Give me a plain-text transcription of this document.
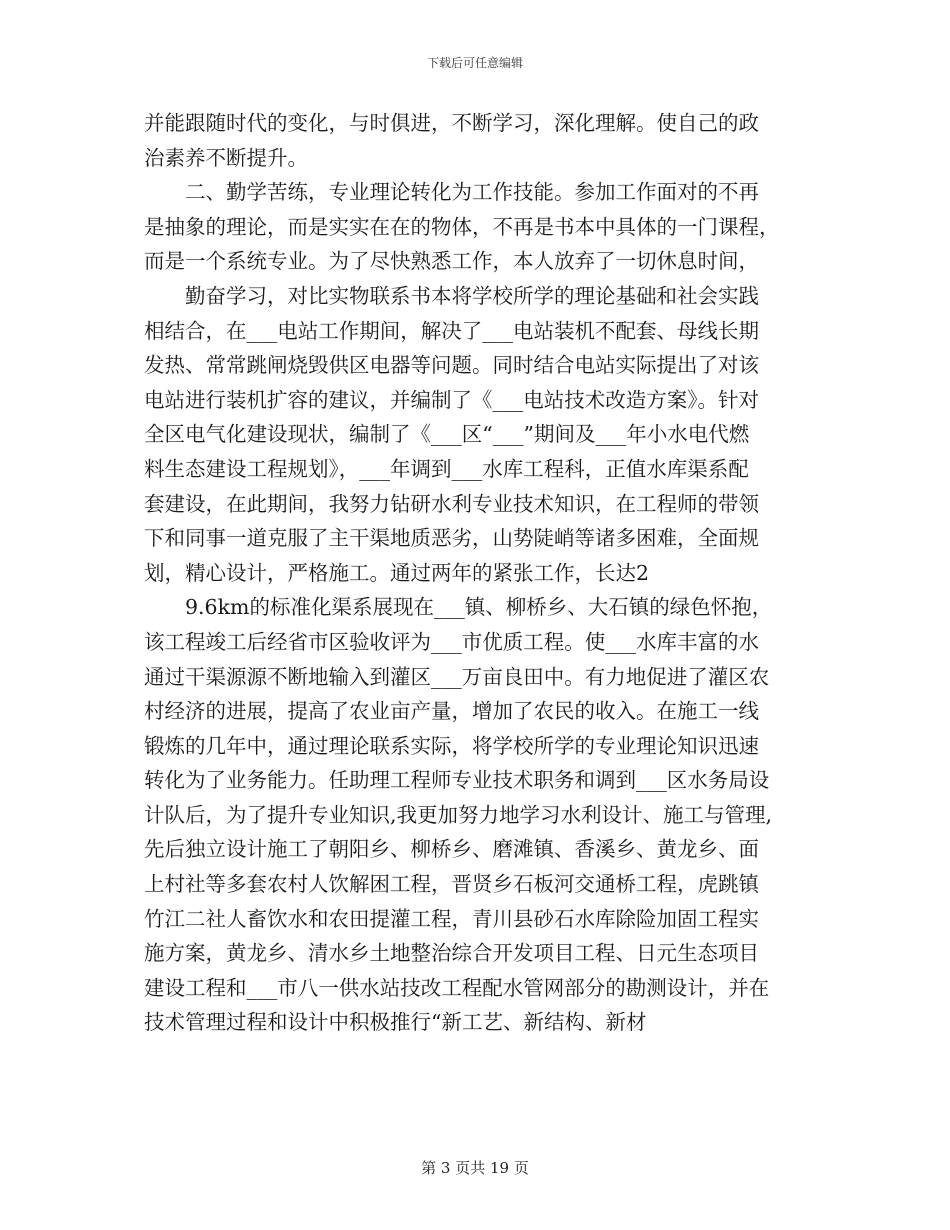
下载后可任意编辑
并能跟随时代的变化，与时俱进，不断学习，深化理解。使自己的政
治素养不断提升。
二、勤学苦练，专业理论转化为工作技能。参加工作面对的不再
是抽象的理论，而是实实在在的物体，不再是书本中具体的一门课程，
而是一个系统专业。为了尽快熟悉工作，本人放弃了一切休息时间，
勤奋学习，对比实物联系书本将学校所学的理论基础和社会实践
相结合，在___电站工作期间，解决了___电站装机不配套、母线长期
发热、常常跳闸烧毁供区电器等问题。同时结合电站实际提出了对该
电站进行装机扩容的建议，并编制了《___电站技术改造方案》。针对
全区电气化建设现状，编制了《___区“___”期间及___年小水电代燃
料生态建设工程规划》，___年调到___水库工程科，正值水库渠系配
套建设，在此期间，我努力钻研水利专业技术知识，在工程师的带领
下和同事一道克服了主干渠地质恶劣，山势陡峭等诸多困难，全面规
划，精心设计，严格施工。通过两年的紧张工作，长达2
9.6km的标准化渠系展现在___镇、柳桥乡、大石镇的绿色怀抱，
该工程竣工后经省市区验收评为___市优质工程。使___水库丰富的水
通过干渠源源不断地输入到灌区___万亩良田中。有力地促进了灌区农
村经济的进展，提高了农业亩产量，增加了农民的收入。在施工一线
锻炼的几年中，通过理论联系实际，将学校所学的专业理论知识迅速
转化为了业务能力。任助理工程师专业技术职务和调到___区水务局设
计队后，为了提升专业知识,我更加努力地学习水利设计、施工与管理,
先后独立设计施工了朝阳乡、柳桥乡、磨滩镇、香溪乡、黄龙乡、面
上村社等多套农村人饮解困工程，晋贤乡石板河交通桥工程，虎跳镇
竹江二社人畜饮水和农田提灌工程，青川县砂石水库除险加固工程实
施方案，黄龙乡、清水乡土地整治综合开发项目工程、日元生态项目
建设工程和___市八一供水站技改工程配水管网部分的勘测设计，并在
技术管理过程和设计中积极推行“新工艺、新结构、新材
第 3 页共 19 页
